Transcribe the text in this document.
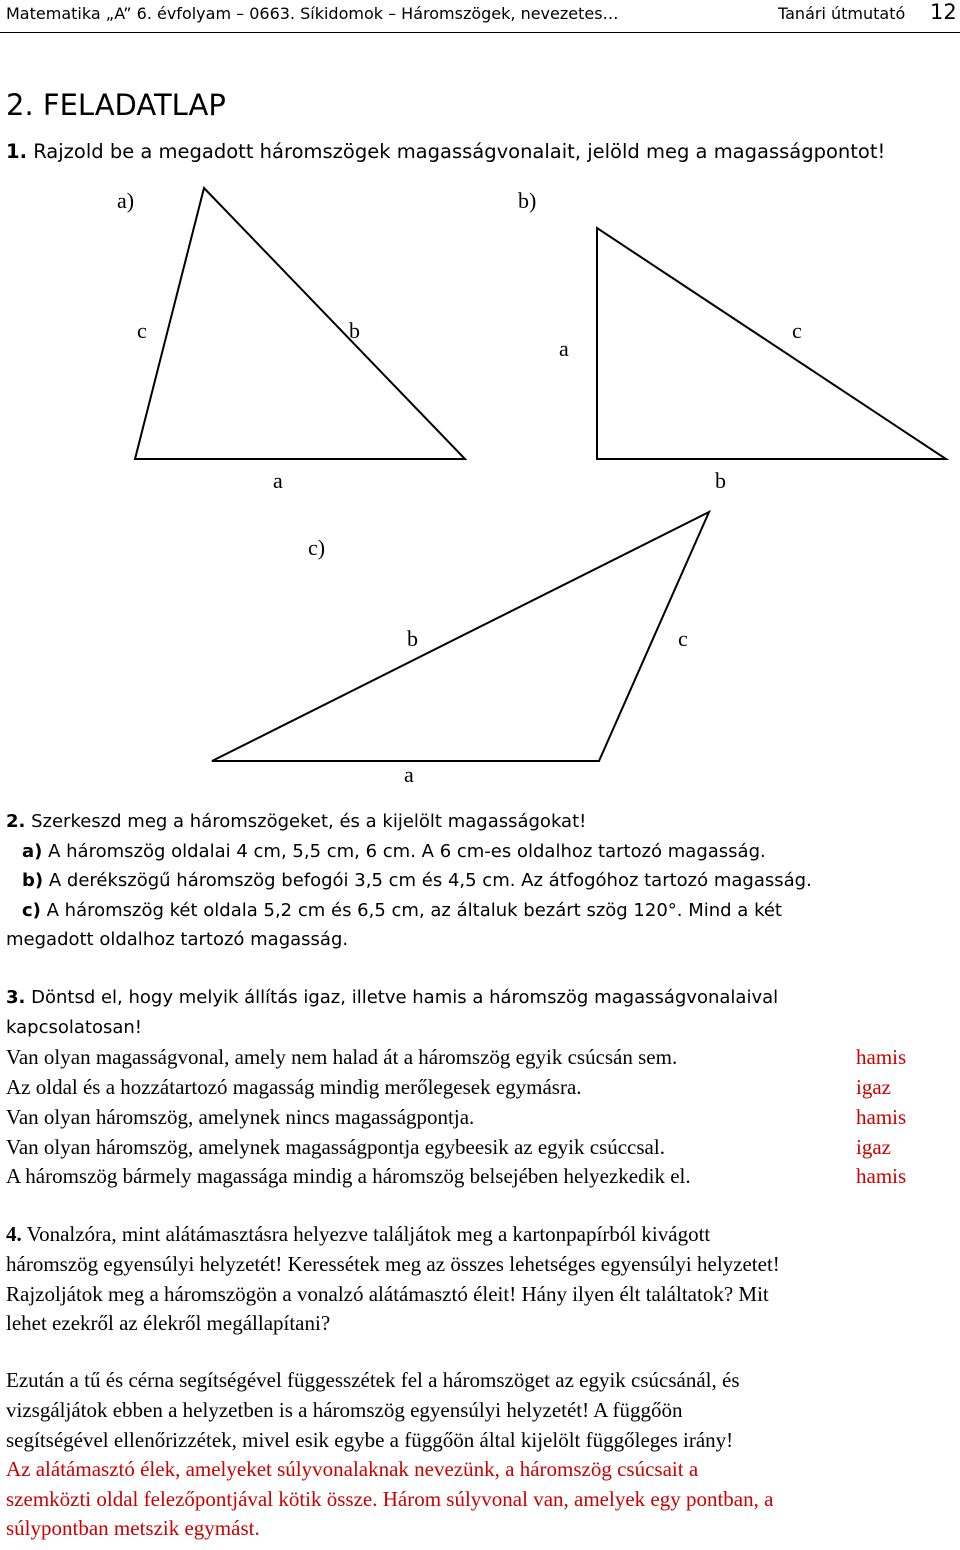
Matematika „A” 6. évfolyam – 0663. Síkidomok – Háromszögek, nevezetes…	Tanári útmutató 12
2. FELADATLAP
1. Rajzold be a megadott háromszögek magasságvonalait, jelöld meg a magasságpontot!
a)
c	b
a
b)
a
c
b
c)
b	c
a
2. Szerkeszd meg a háromszögeket, és a kijelölt magasságokat!
a) A háromszög oldalai 4 cm, 5,5 cm, 6 cm. A 6 cm-es oldalhoz tartozó magasság.
b) A derékszögű háromszög befogói 3,5 cm és 4,5 cm. Az átfogóhoz tartozó magasság.
c) A háromszög két oldala 5,2 cm és 6,5 cm, az általuk bezárt szög 120°. Mind a két
megadott oldalhoz tartozó magasság.
3. Döntsd el, hogy melyik állítás igaz, illetve hamis a háromszög magasságvonalaival
kapcsolatosan!
Van olyan magasságvonal, amely nem halad át a háromszög egyik csúcsán sem.	hamis
Az oldal és a hozzátartozó magasság mindig merőlegesek egymásra.	igaz
Van olyan háromszög, amelynek nincs magasságpontja.	hamis
Van olyan háromszög, amelynek magasságpontja egybeesik az egyik csúccsal.	igaz
A háromszög bármely magassága mindig a háromszög belsejében helyezkedik el.	hamis
4. Vonalzóra, mint alátámasztásra helyezve találjátok meg a kartonpapírból kivágott
háromszög egyensúlyi helyzetét! Keressétek meg az összes lehetséges egyensúlyi helyzetet!
Rajzoljátok meg a háromszögön a vonalzó alátámasztó éleit! Hány ilyen élt találtatok? Mit
lehet ezekről az élekről megállapítani?
Ezután a tű és cérna segítségével függesszétek fel a háromszöget az egyik csúcsánál, és
vizsgáljátok ebben a helyzetben is a háromszög egyensúlyi helyzetét! A függőön
segítségével ellenőrizzétek, mivel esik egybe a függőön által kijelölt függőleges irány!
Az alátámasztó élek, amelyeket súlyvonalaknak nevezünk, a háromszög csúcsait a
szemközti oldal felezőpontjával kötik össze. Három súlyvonal van, amelyek egy pontban, a
súlypontban metszik egymást.
